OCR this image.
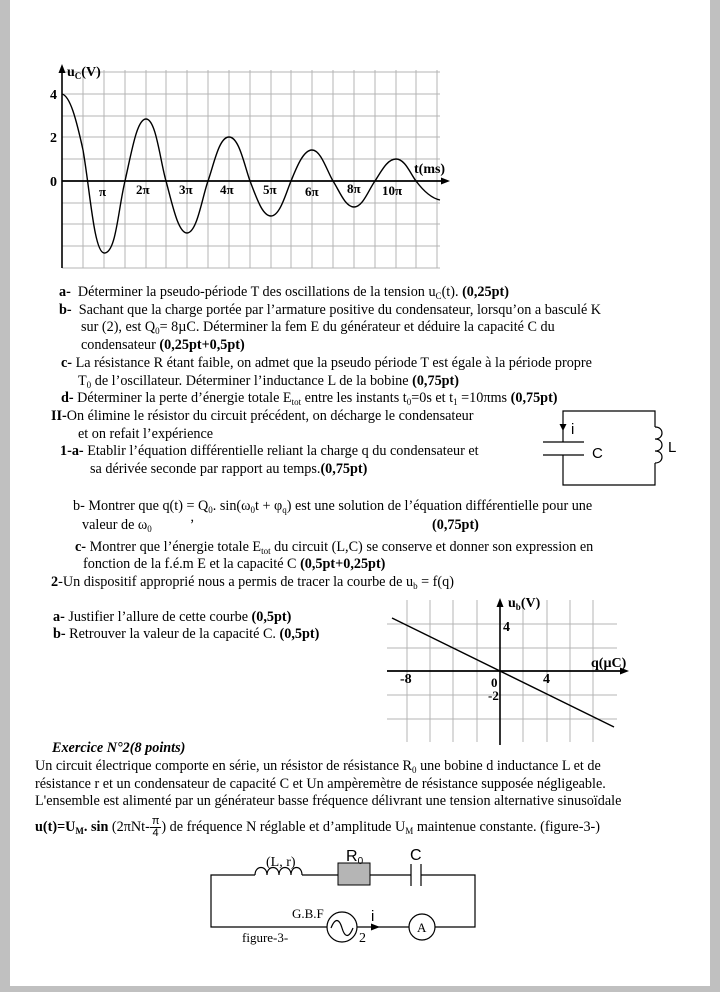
$u_C(V)$
t(ms)
4
2
0
π 2π 3π 4π 5π 6π 8π 10π
a- Déterminer la pseudo-période T des oscillations de la tension $u_C(t)$. (0,25pt)
b- Sachant que la charge portée par l’armature positive du condensateur, lorsqu’on a basculé K
sur (2), est $Q_0= 8\mu C$. Déterminer la fem E du générateur et déduire la capacité C du
condensateur (0,25pt+0,5pt)
c- La résistance R étant faible, on admet que la pseudo période T est égale à la période propre
$T_0$ de l’oscillateur. Déterminer l’inductance L de la bobine (0,75pt)
d- Déterminer la perte d’énergie totale $E_{tot}$ entre les instants $t_0=0s$ et $t_1 =10\pi ms$ (0,75pt)
II-On élimine le résistor du circuit précédent, on décharge le condensateur
et on refait l’expérience
1-a- Etablir l’équation différentielle reliant la charge q du condensateur et
sa dérivée seconde par rapport au temps.(0,75pt)
i
C	L
b- Montrer que $q(t) = Q_0$. $\sin(\omega_0t + \varphi_q)$ est une solution de l’équation différentielle pour une
valeur de $\omega_0$	’	(0,75pt)
c- Montrer que l’énergie totale $E_{tot}$ du circuit (L,C) se conserve et donner son expression en
fonction de la f.é.m E et la capacité C (0,5pt+0,25pt)
2-Un dispositif approprié nous a permis de tracer la courbe de $u_b = f(q)$
a- Justifier l’allure de cette courbe (0,5pt)
b- Retrouver la valeur de la capacité C. (0,5pt)
$u_b(V)$
q(µC)
4
-2
0
-8	4
Exercice N°2(8 points)
Un circuit électrique comporte en série, un résistor de résistance $R_0$ une bobine d inductance L et de
résistance r et un condensateur de capacité C et Un ampèremètre de résistance supposée négligeable.
L'ensemble est alimenté par un générateur basse fréquence délivrant une tension alternative sinusoïdale
$u(t)=U_M$. $\sin (2\pi Nt- \frac{\pi}{4}$ ) de fréquence N réglable et d’amplitude $U_M$ maintenue constante. (figure-3-)
(L, r)	R0	C
G.B.F	i
2
A
figure-3-
